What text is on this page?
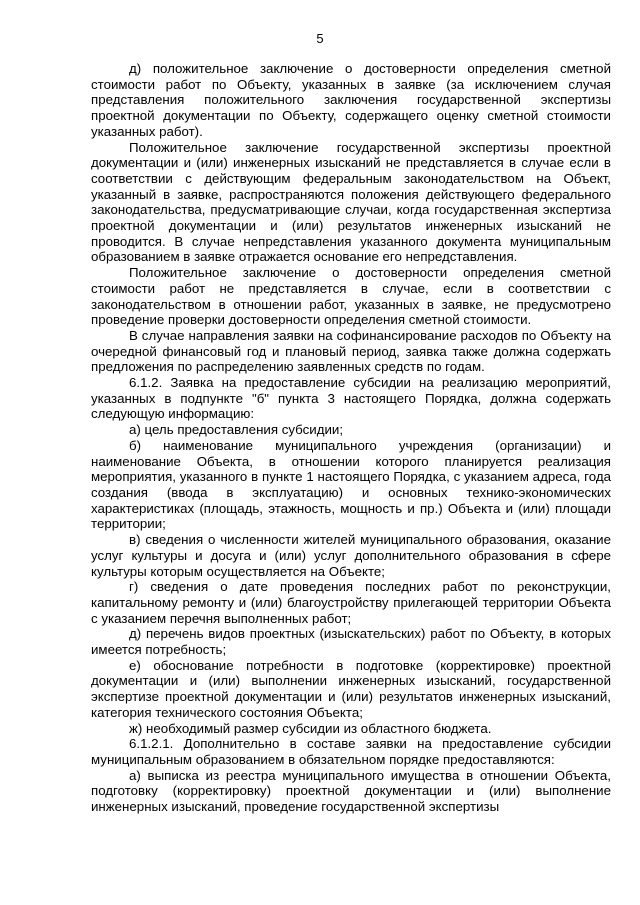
5

д) положительное заключение о достоверности определения сметной стоимости работ по Объекту, указанных в заявке (за исключением случая представления положительного заключения государственной экспертизы проектной документации по Объекту, содержащего оценку сметной стоимости указанных работ).

Положительное заключение государственной экспертизы проектной документации и (или) инженерных изысканий не представляется в случае если в соответствии с действующим федеральным законодательством на Объект, указанный в заявке, распространяются положения действующего федерального законодательства, предусматривающие случаи, когда государственная экспертиза проектной документации и (или) результатов инженерных изысканий не проводится. В случае непредставления указанного документа муниципальным образованием в заявке отражается основание его непредставления.

Положительное заключение о достоверности определения сметной стоимости работ не представляется в случае, если в соответствии с законодательством в отношении работ, указанных в заявке, не предусмотрено проведение проверки достоверности определения сметной стоимости.

В случае направления заявки на софинансирование расходов по Объекту на очередной финансовый год и плановый период, заявка также должна содержать предложения по распределению заявленных средств по годам.

6.1.2. Заявка на предоставление субсидии на реализацию мероприятий, указанных в подпункте "б" пункта 3 настоящего Порядка, должна содержать следующую информацию:

а) цель предоставления субсидии;

б) наименование муниципального учреждения (организации) и наименование Объекта, в отношении которого планируется реализация мероприятия, указанного в пункте 1 настоящего Порядка, с указанием адреса, года создания (ввода в эксплуатацию) и основных технико-экономических характеристиках (площадь, этажность, мощность и пр.) Объекта и (или) площади территории;

в) сведения о численности жителей муниципального образования, оказание услуг культуры и досуга и (или) услуг дополнительного образования в сфере культуры которым осуществляется на Объекте;

г) сведения о дате проведения последних работ по реконструкции, капитальному ремонту и (или) благоустройству прилегающей территории Объекта с указанием перечня выполненных работ;

д) перечень видов проектных (изыскательских) работ по Объекту, в которых имеется потребность;

е) обоснование потребности в подготовке (корректировке) проектной документации и (или) выполнении инженерных изысканий, государственной экспертизе проектной документации и (или) результатов инженерных изысканий, категория технического состояния Объекта;

ж) необходимый размер субсидии из областного бюджета.

6.1.2.1. Дополнительно в составе заявки на предоставление субсидии муниципальным образованием в обязательном порядке предоставляются:

а) выписка из реестра муниципального имущества в отношении Объекта, подготовку (корректировку) проектной документации и (или) выполнение инженерных изысканий, проведение государственной экспертизы
